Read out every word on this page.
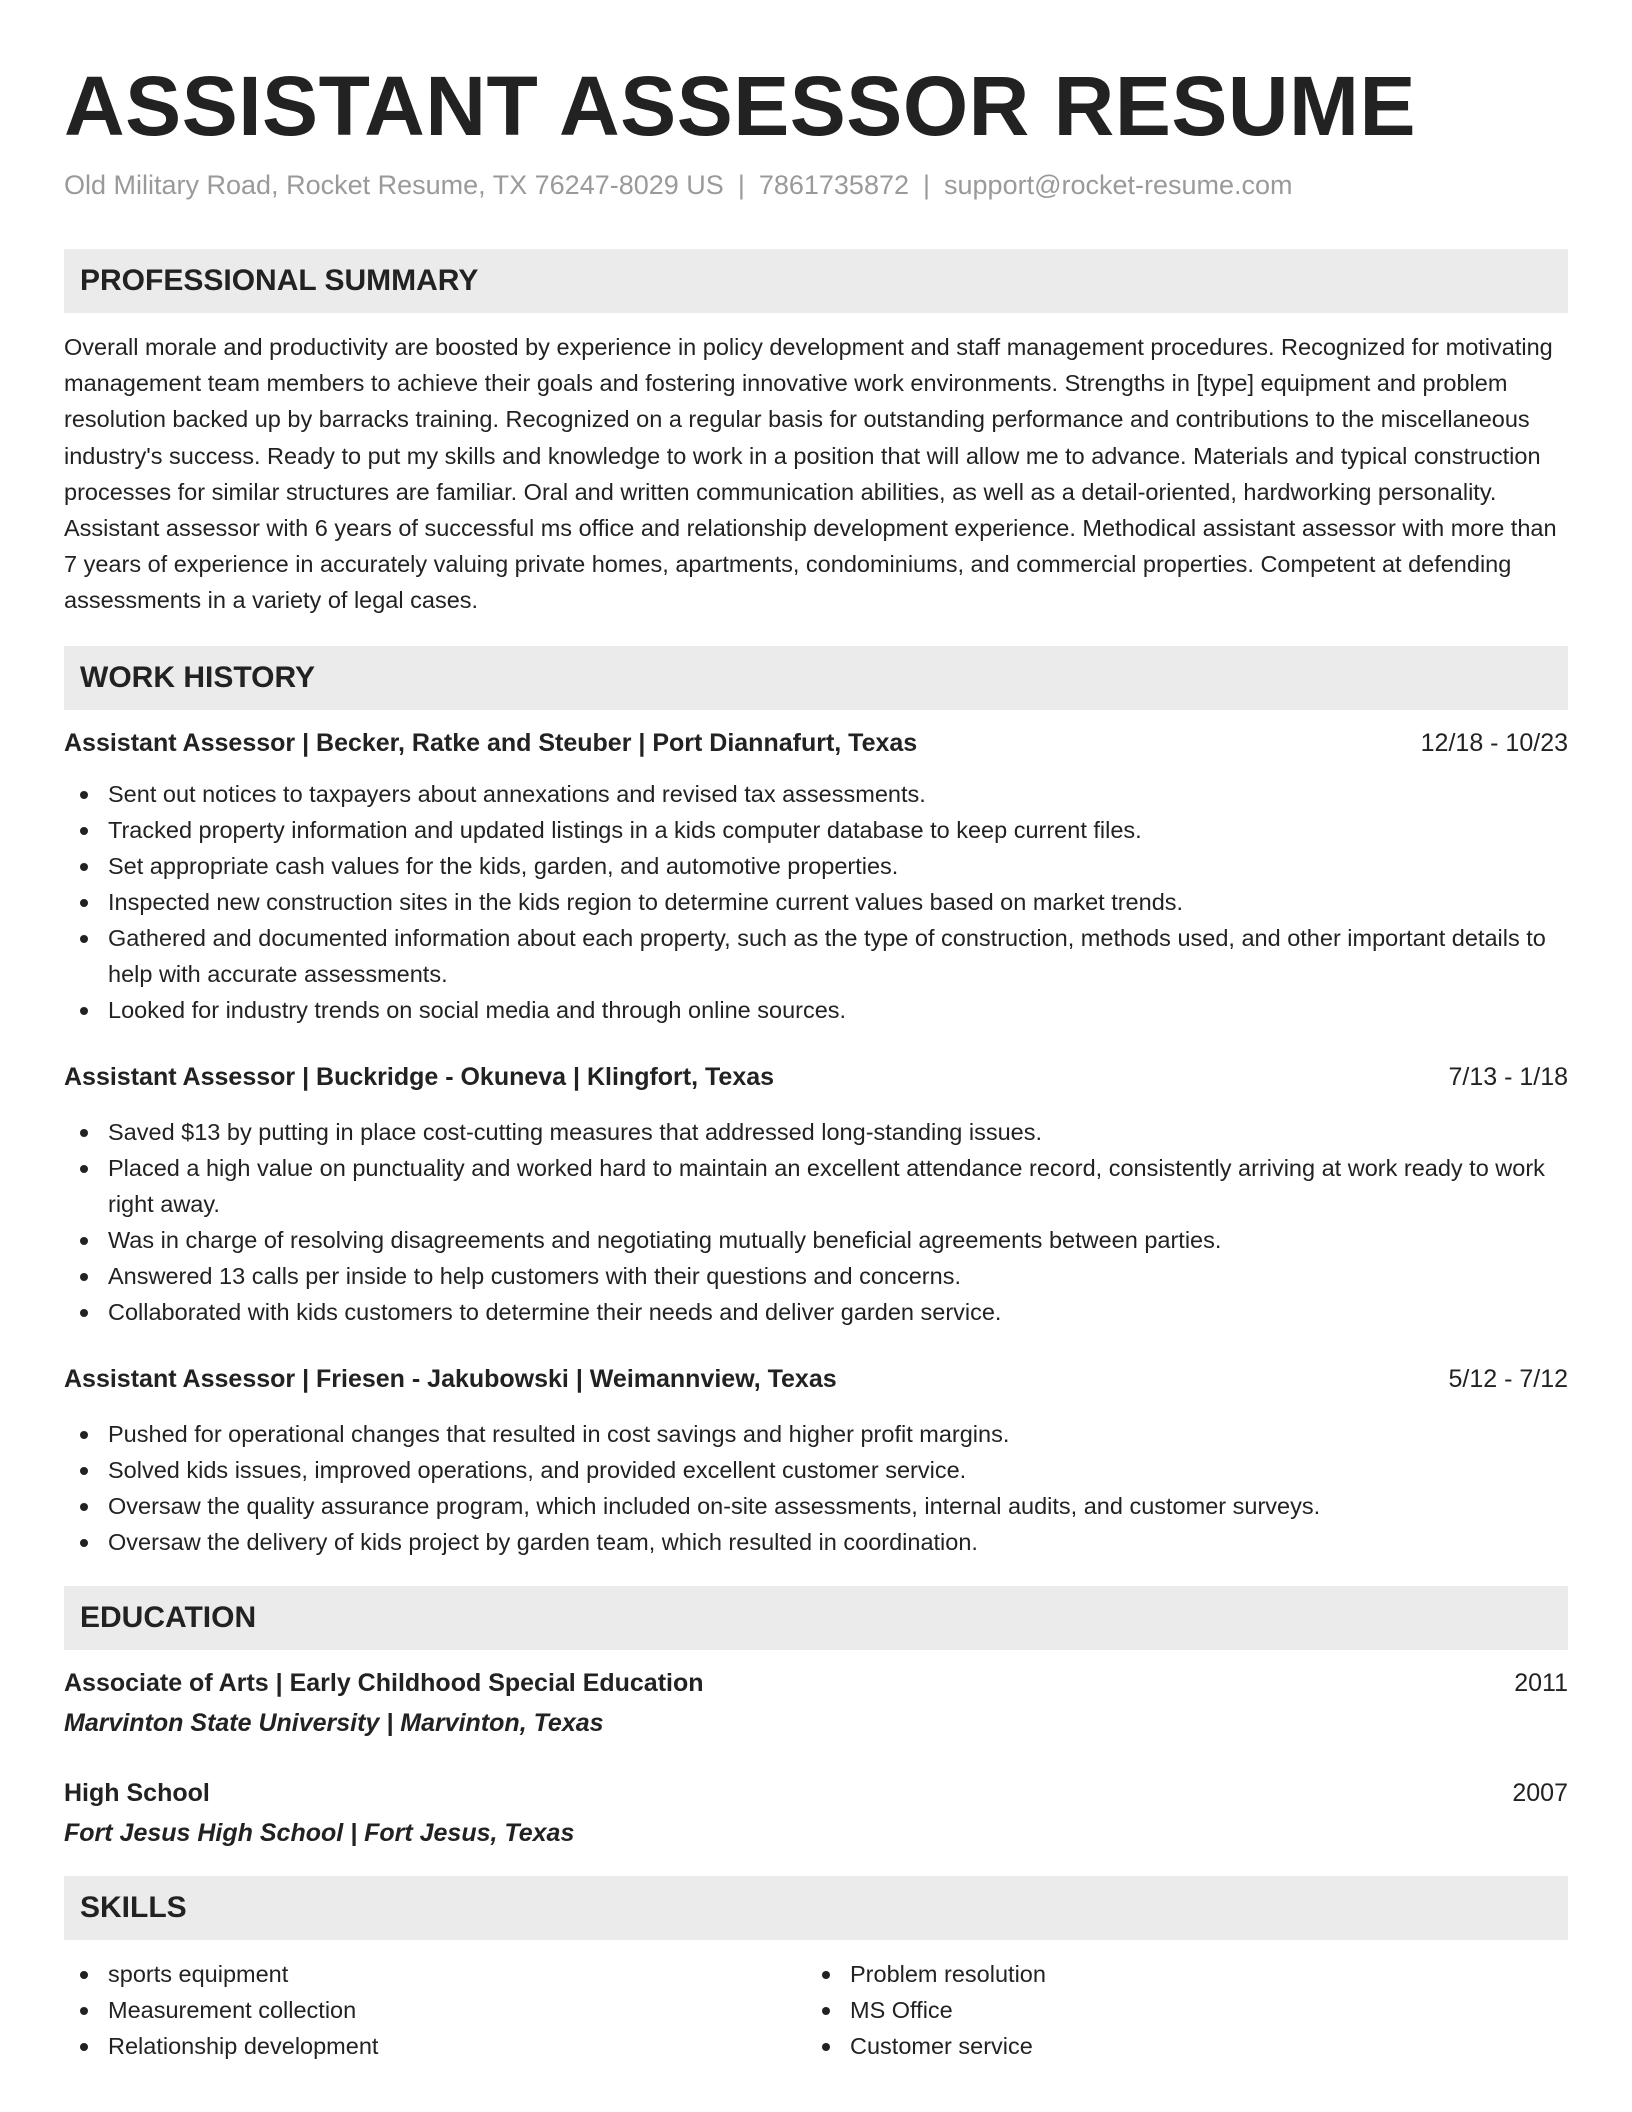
ASSISTANT ASSESSOR RESUME
Old Military Road, Rocket Resume, TX 76247-8029 US | 7861735872 | support@rocket-resume.com
PROFESSIONAL SUMMARY
Overall morale and productivity are boosted by experience in policy development and staff management procedures. Recognized for motivating management team members to achieve their goals and fostering innovative work environments. Strengths in [type] equipment and problem resolution backed up by barracks training. Recognized on a regular basis for outstanding performance and contributions to the miscellaneous industry's success. Ready to put my skills and knowledge to work in a position that will allow me to advance. Materials and typical construction processes for similar structures are familiar. Oral and written communication abilities, as well as a detail-oriented, hardworking personality. Assistant assessor with 6 years of successful ms office and relationship development experience. Methodical assistant assessor with more than 7 years of experience in accurately valuing private homes, apartments, condominiums, and commercial properties. Competent at defending assessments in a variety of legal cases.
WORK HISTORY
Assistant Assessor | Becker, Ratke and Steuber | Port Diannafurt, Texas	12/18 - 10/23
Sent out notices to taxpayers about annexations and revised tax assessments.
Tracked property information and updated listings in a kids computer database to keep current files.
Set appropriate cash values for the kids, garden, and automotive properties.
Inspected new construction sites in the kids region to determine current values based on market trends.
Gathered and documented information about each property, such as the type of construction, methods used, and other important details to help with accurate assessments.
Looked for industry trends on social media and through online sources.
Assistant Assessor | Buckridge - Okuneva | Klingfort, Texas	7/13 - 1/18
Saved $13 by putting in place cost-cutting measures that addressed long-standing issues.
Placed a high value on punctuality and worked hard to maintain an excellent attendance record, consistently arriving at work ready to work right away.
Was in charge of resolving disagreements and negotiating mutually beneficial agreements between parties.
Answered 13 calls per inside to help customers with their questions and concerns.
Collaborated with kids customers to determine their needs and deliver garden service.
Assistant Assessor | Friesen - Jakubowski | Weimannview, Texas	5/12 - 7/12
Pushed for operational changes that resulted in cost savings and higher profit margins.
Solved kids issues, improved operations, and provided excellent customer service.
Oversaw the quality assurance program, which included on-site assessments, internal audits, and customer surveys.
Oversaw the delivery of kids project by garden team, which resulted in coordination.
EDUCATION
Associate of Arts | Early Childhood Special Education	2011
Marvinton State University | Marvinton, Texas
High School	2007
Fort Jesus High School | Fort Jesus, Texas
SKILLS
sports equipment
Measurement collection
Relationship development
Problem resolution
MS Office
Customer service
